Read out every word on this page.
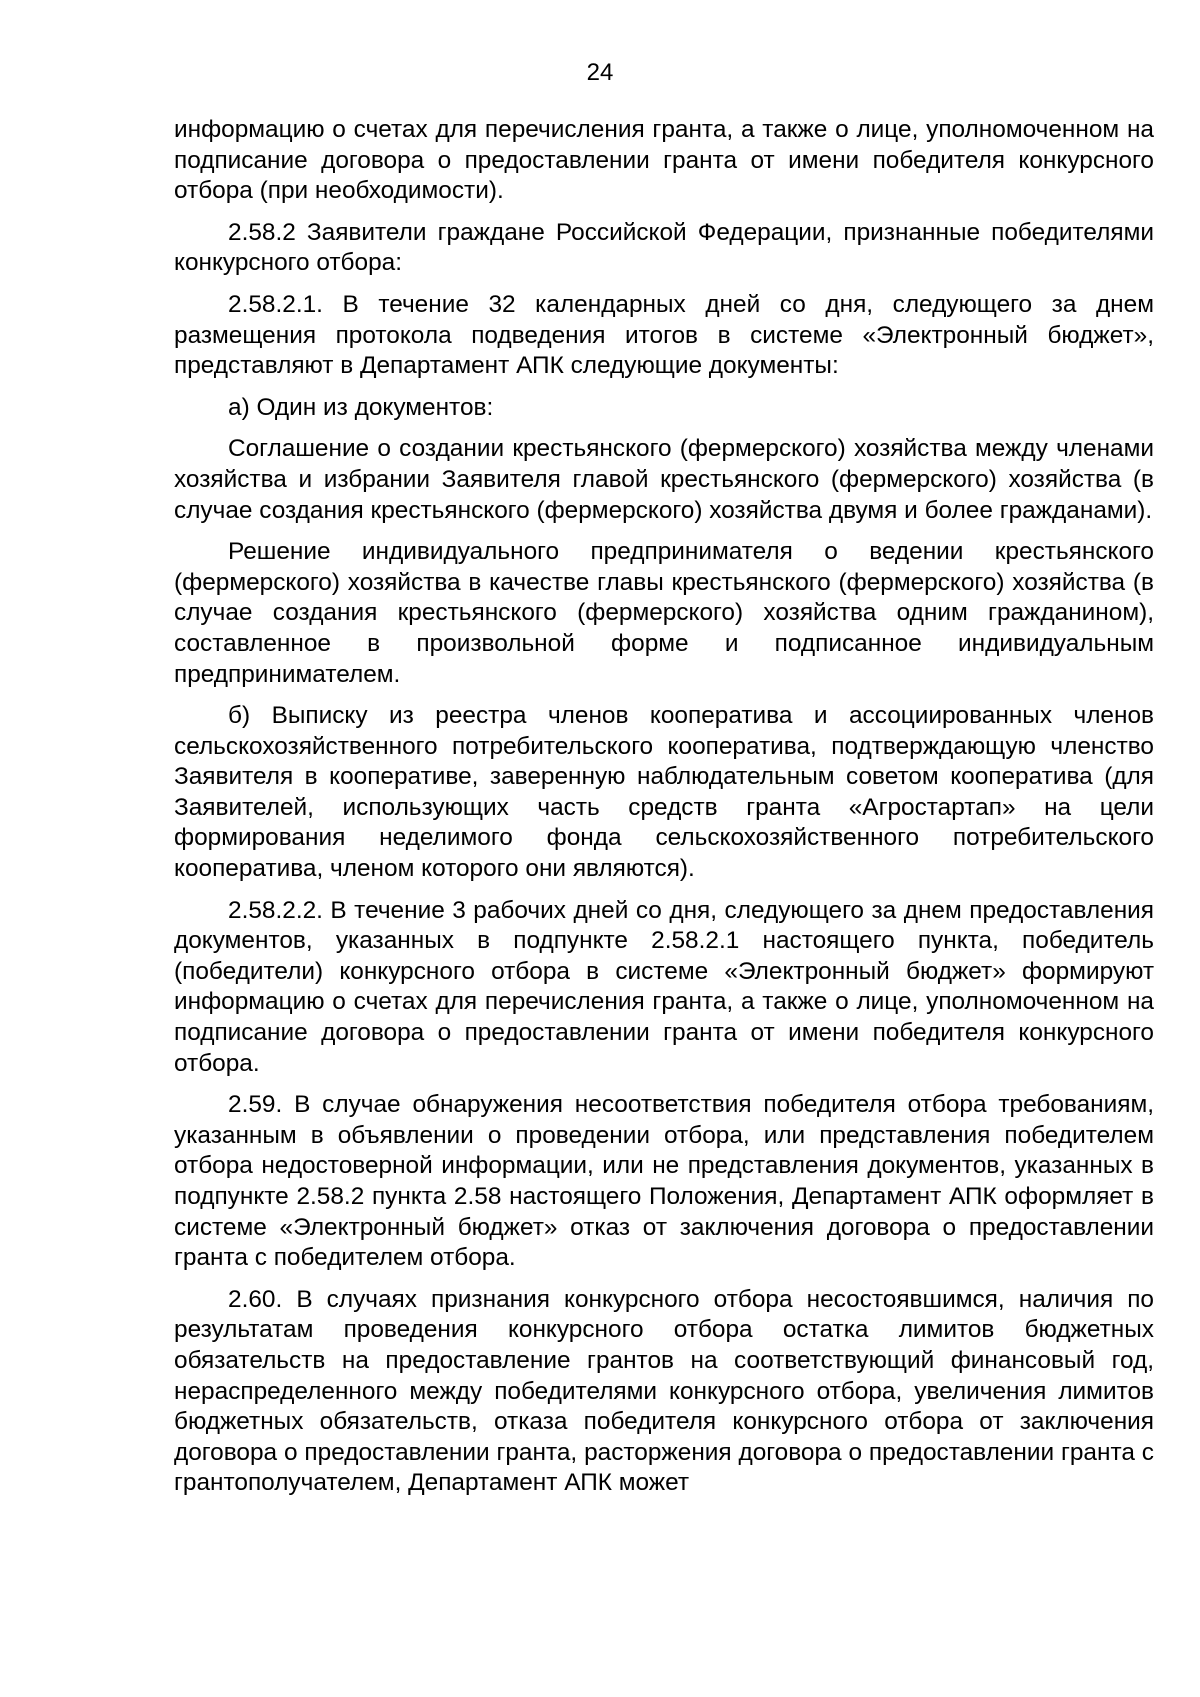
24

информацию о счетах для перечисления гранта, а также о лице, уполномоченном на подписание договора о предоставлении гранта от имени победителя конкурсного отбора (при необходимости).

2.58.2 Заявители граждане Российской Федерации, признанные победителями конкурсного отбора:

2.58.2.1. В течение 32 календарных дней со дня, следующего за днем размещения протокола подведения итогов в системе «Электронный бюджет», представляют в Департамент АПК следующие документы:

а) Один из документов:

Соглашение о создании крестьянского (фермерского) хозяйства между членами хозяйства и избрании Заявителя главой крестьянского (фермерского) хозяйства (в случае создания крестьянского (фермерского) хозяйства двумя и более гражданами).

Решение индивидуального предпринимателя о ведении крестьянского (фермерского) хозяйства в качестве главы крестьянского (фермерского) хозяйства (в случае создания крестьянского (фермерского) хозяйства одним гражданином), составленное в произвольной форме и подписанное индивидуальным предпринимателем.

б) Выписку из реестра членов кооператива и ассоциированных членов сельскохозяйственного потребительского кооператива, подтверждающую членство Заявителя в кооперативе, заверенную наблюдательным советом кооператива (для Заявителей, использующих часть средств гранта «Агростартап» на цели формирования неделимого фонда сельскохозяйственного потребительского кооператива, членом которого они являются).

2.58.2.2. В течение 3 рабочих дней со дня, следующего за днем предоставления документов, указанных в подпункте 2.58.2.1 настоящего пункта, победитель (победители) конкурсного отбора в системе «Электронный бюджет» формируют информацию о счетах для перечисления гранта, а также о лице, уполномоченном на подписание договора о предоставлении гранта от имени победителя конкурсного отбора.

2.59. В случае обнаружения несоответствия победителя отбора требованиям, указанным в объявлении о проведении отбора, или представления победителем отбора недостоверной информации, или не представления документов, указанных в подпункте 2.58.2 пункта 2.58 настоящего Положения, Департамент АПК оформляет в системе «Электронный бюджет» отказ от заключения договора о предоставлении гранта с победителем отбора.

2.60. В случаях признания конкурсного отбора несостоявшимся, наличия по результатам проведения конкурсного отбора остатка лимитов бюджетных обязательств на предоставление грантов на соответствующий финансовый год, нераспределенного между победителями конкурсного отбора, увеличения лимитов бюджетных обязательств, отказа победителя конкурсного отбора от заключения договора о предоставлении гранта, расторжения договора о предоставлении гранта с грантополучателем, Департамент АПК может
